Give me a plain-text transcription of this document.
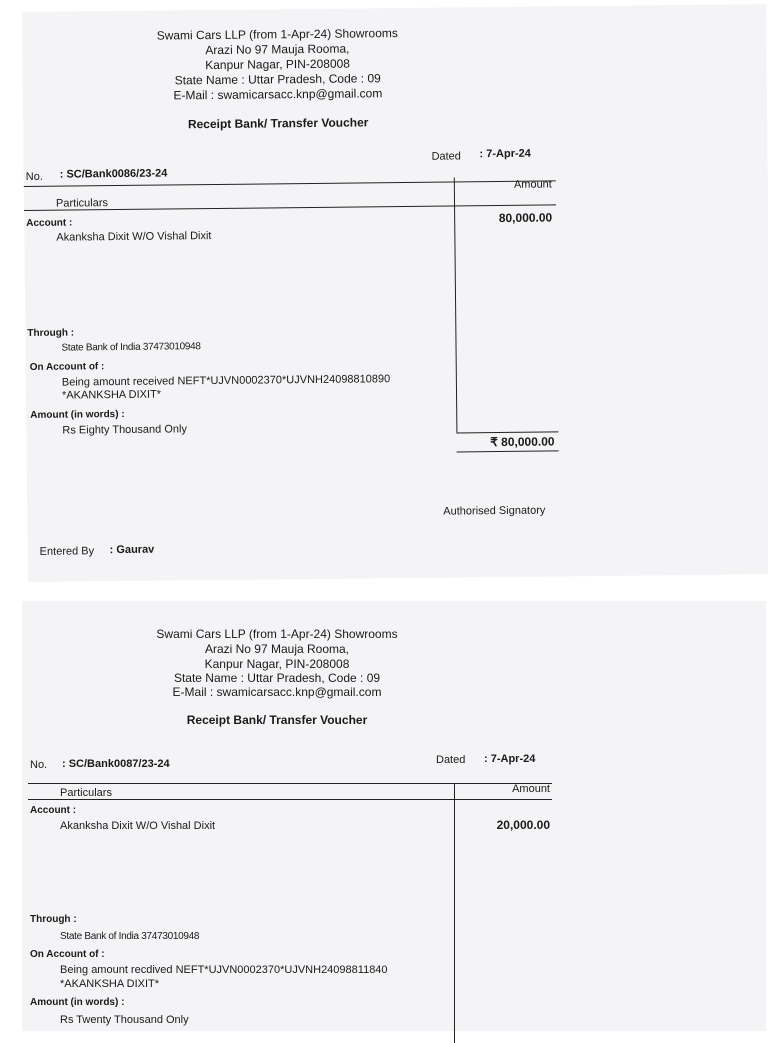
Swami Cars LLP (from 1-Apr-24) Showrooms
Arazi No 97 Mauja Rooma,
Kanpur Nagar, PIN-208008
State Name : Uttar Pradesh, Code : 09
E-Mail : swamicarsacc.knp@gmail.com
Receipt Bank/ Transfer Voucher
No. : SC/Bank0086/23-24
Dated : 7-Apr-24
Amount
Particulars
Account :
Akanksha Dixit W/O Vishal Dixit
80,000.00
Through :
State Bank of India 37473010948
On Account of :
Being amount received NEFT*UJVN0002370*UJVNH24098810890
*AKANKSHA DIXIT*
Amount (in words) :
Rs Eighty Thousand Only
₹ 80,000.00
Authorised Signatory
Entered By : Gaurav
Swami Cars LLP (from 1-Apr-24) Showrooms
Arazi No 97 Mauja Rooma,
Kanpur Nagar, PIN-208008
State Name : Uttar Pradesh, Code : 09
E-Mail : swamicarsacc.knp@gmail.com
Receipt Bank/ Transfer Voucher
No. : SC/Bank0087/23-24	Dated : 7-Apr-24
Amount
Particulars
Account :
Akanksha Dixit W/O Vishal Dixit	20,000.00
Through :
State Bank of India 37473010948
On Account of :
Being amount recdived NEFT*UJVN0002370*UJVNH24098811840
*AKANKSHA DIXIT*
Amount (in words) :
Rs Twenty Thousand Only
